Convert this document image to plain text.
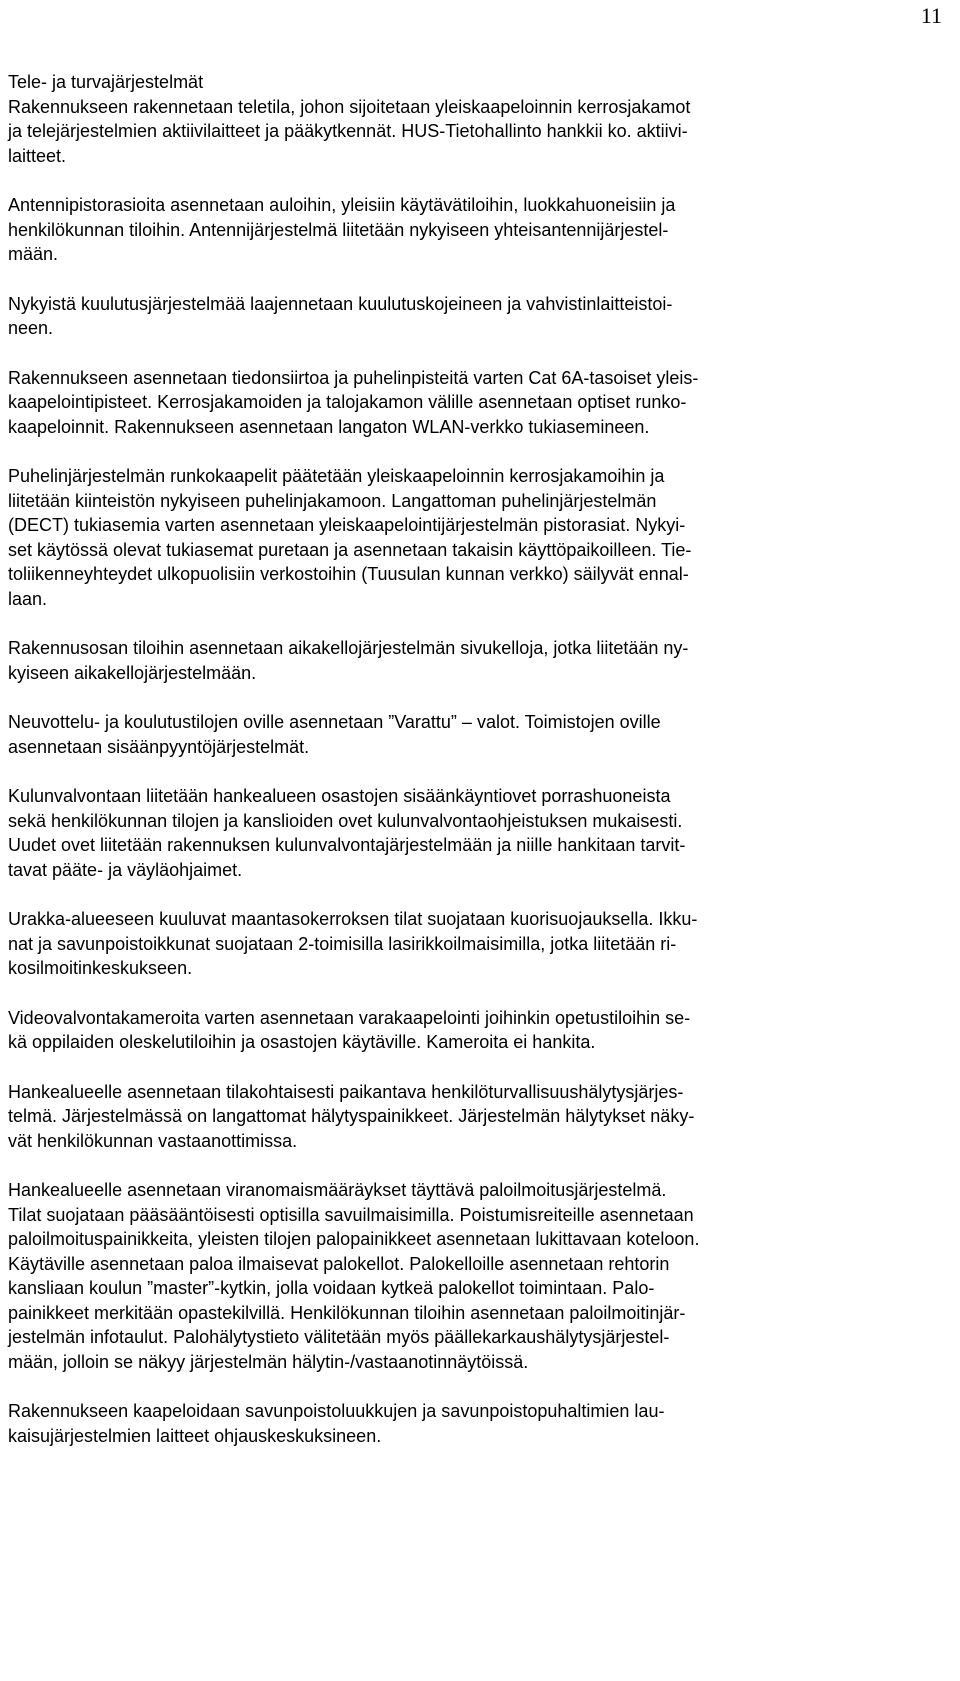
11
Tele- ja turvajärjestelmät
Rakennukseen rakennetaan teletila, johon sijoitetaan yleiskaapeloinnin kerrosjakamot
ja telejärjestelmien aktiivilaitteet ja pääkytkennät. HUS-Tietohallinto hankkii ko. aktiivi-
laitteet.
Antennipistorasioita asennetaan auloihin, yleisiin käytävätiloihin, luokkahuoneisiin ja
henkilökunnan tiloihin. Antennijärjestelmä liitetään nykyiseen yhteisantennijärjestel-
mään.
Nykyistä kuulutusjärjestelmää laajennetaan kuulutuskojeineen ja vahvistinlaitteistoi-
neen.
Rakennukseen asennetaan tiedonsiirtoa ja puhelinpisteitä varten Cat 6A-tasoiset yleis-
kaapelointipisteet. Kerrosjakamoiden ja talojakamon välille asennetaan optiset runko-
kaapeloinnit. Rakennukseen asennetaan langaton WLAN-verkko tukiasemineen.
Puhelinjärjestelmän runkokaapelit päätetään yleiskaapeloinnin kerrosjakamoihin ja
liitetään kiinteistön nykyiseen puhelinjakamoon. Langattoman puhelinjärjestelmän
(DECT) tukiasemia varten asennetaan yleiskaapelointijärjestelmän pistorasiat. Nykyi-
set käytössä olevat tukiasemat puretaan ja asennetaan takaisin käyttöpaikoilleen. Tie-
toliikenneyhteydet ulkopuolisiin verkostoihin (Tuusulan kunnan verkko) säilyvät ennal-
laan.
Rakennusosan tiloihin asennetaan aikakellojärjestelmän sivukelloja, jotka liitetään ny-
kyiseen aikakellojärjestelmään.
Neuvottelu- ja koulutustilojen oville asennetaan ”Varattu” – valot. Toimistojen oville
asennetaan sisäänpyyntöjärjestelmät.
Kulunvalvontaan liitetään hankealueen osastojen sisäänkäyntiovet porrashuoneista
sekä henkilökunnan tilojen ja kanslioiden ovet kulunvalvontaohjeistuksen mukaisesti.
Uudet ovet liitetään rakennuksen kulunvalvontajärjestelmään ja niille hankitaan tarvit-
tavat pääte- ja väyläohjaimet.
Urakka-alueeseen kuuluvat maantasokerroksen tilat suojataan kuorisuojauksella. Ikku-
nat ja savunpoistoikkunat suojataan 2-toimisilla lasirikkoilmaisimilla, jotka liitetään ri-
kosilmoitinkeskukseen.
Videovalvontakameroita varten asennetaan varakaapelointi joihinkin opetustiloihin se-
kä oppilaiden oleskelutiloihin ja osastojen käytäville. Kameroita ei hankita.
Hankealueelle asennetaan tilakohtaisesti paikantava henkilöturvallisuushälytysjärjes-
telmä. Järjestelmässä on langattomat hälytyspainikkeet. Järjestelmän hälytykset näky-
vät henkilökunnan vastaanottimissa.
Hankealueelle asennetaan viranomaismääräykset täyttävä paloilmoitusjärjestelmä.
Tilat suojataan pääsääntöisesti optisilla savuilmaisimilla. Poistumisreiteille asennetaan
paloilmoituspainikkeita, yleisten tilojen palopainikkeet asennetaan lukittavaan koteloon.
Käytäville asennetaan paloa ilmaisevat palokellot. Palokelloille asennetaan rehtorin
kansliaan koulun ”master”-kytkin, jolla voidaan kytkeä palokellot toimintaan. Palo-
painikkeet merkitään opastekilvillä. Henkilökunnan tiloihin asennetaan paloilmoitinjär-
jestelmän infotaulut. Palohälytystieto välitetään myös päällekarkaushälytysjärjestel-
mään, jolloin se näkyy järjestelmän hälytin-/vastaanotinnäytöissä.
Rakennukseen kaapeloidaan savunpoistoluukkujen ja savunpoistopuhaltimien lau-
kaisujärjestelmien laitteet ohjauskeskuksineen.
